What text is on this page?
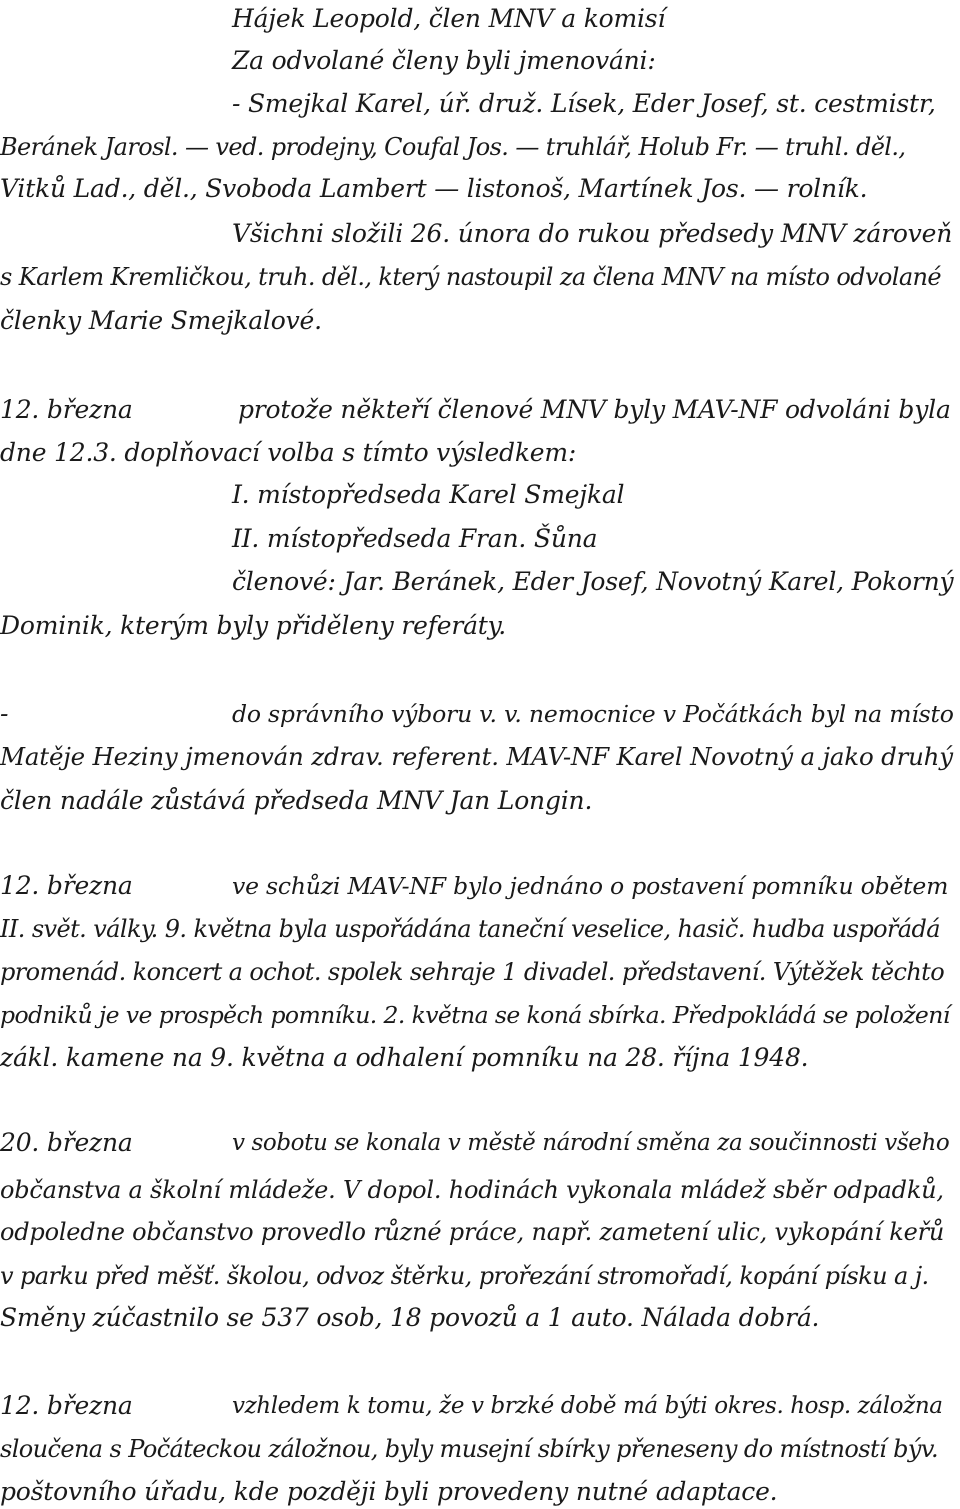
Hájek Leopold, člen MNV a komisí
Za odvolané členy byli jmenováni:
- Smejkal Karel, úř. druž. Lísek, Eder Josef, st. cestmistr,
Beránek Jarosl. — ved. prodejny, Coufal Jos. — truhlář, Holub Fr. — truhl. děl.,
Vitků Lad., děl., Svoboda Lambert — listonoš, Martínek Jos. — rolník.
Všichni složili 26. února do rukou předsedy MNV zároveň
s Karlem Kremličkou, truh. děl., který nastoupil za člena MNV na místo odvolané
členky Marie Smejkalové.
12. března	protože někteří členové MNV byly MAV-NF odvoláni byla
dne 12.3. doplňovací volba s tímto výsledkem:
I. místopředseda Karel Smejkal
II. místopředseda Fran. Šůna
členové: Jar. Beránek, Eder Josef, Novotný Karel, Pokorný
Dominik, kterým byly přiděleny referáty.
-	do správního výboru v. v. nemocnice v Počátkách byl na místo
Matěje Heziny jmenován zdrav. referent. MAV-NF Karel Novotný a jako druhý
člen nadále zůstává předseda MNV Jan Longin.
12. března	ve schůzi MAV-NF bylo jednáno o postavení pomníku obětem
II. svět. války. 9. května byla uspořádána taneční veselice, hasič. hudba uspořádá
promenád. koncert a ochot. spolek sehraje 1 divadel. představení. Výtěžek těchto
podniků je ve prospěch pomníku. 2. května se koná sbírka. Předpokládá se položení
zákl. kamene na 9. května a odhalení pomníku na 28. října 1948.
20. března	v sobotu se konala v městě národní směna za součinnosti všeho
občanstva a školní mládeže. V dopol. hodinách vykonala mládež sběr odpadků,
odpoledne občanstvo provedlo různé práce, např. zametení ulic, vykopání keřů
v parku před měšť. školou, odvoz štěrku, prořezání stromořadí, kopání písku a j.
Směny zúčastnilo se 537 osob, 18 povozů a 1 auto. Nálada dobrá.
12. března	vzhledem k tomu, že v brzké době má býti okres. hosp. záložna
sloučena s Počáteckou záložnou, byly musejní sbírky přeneseny do místností býv.
poštovního úřadu, kde později byli provedeny nutné adaptace.
